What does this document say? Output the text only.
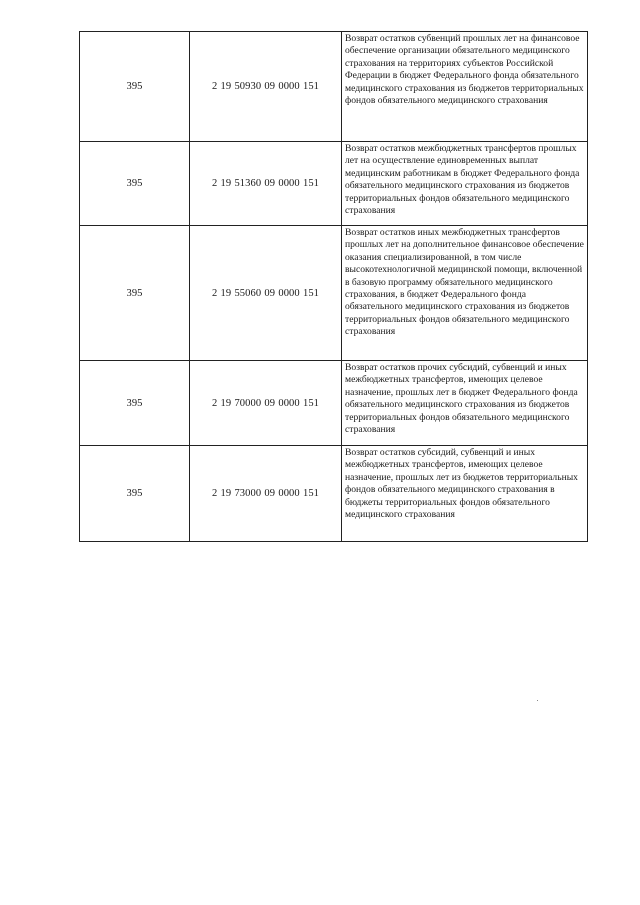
395	2 19 50930 09 0000 151	Возврат остатков субвенций прошлых лет на финансовое обеспечение организации обязательного медицинского страхования на территориях субъектов Российской Федерации в бюджет Федерального фонда обязательного медицинского страхования из бюджетов территориальных фондов обязательного медицинского страхования
395	2 19 51360 09 0000 151	Возврат остатков межбюджетных трансфертов прошлых лет на осуществление единовременных выплат медицинским работникам в бюджет Федерального фонда обязательного медицинского страхования из бюджетов территориальных фондов обязательного медицинского страхования
395	2 19 55060 09 0000 151	Возврат остатков иных межбюджетных трансфертов прошлых лет на дополнительное финансовое обеспечение оказания специализированной, в том числе высокотехнологичной медицинской помощи, включенной в базовую программу обязательного медицинского страхования, в бюджет Федерального фонда обязательного медицинского страхования из бюджетов территориальных фондов обязательного медицинского страхования
395	2 19 70000 09 0000 151	Возврат остатков прочих субсидий, субвенций и иных межбюджетных трансфертов, имеющих целевое назначение, прошлых лет в бюджет Федерального фонда обязательного медицинского страхования из бюджетов территориальных фондов обязательного медицинского страхования
395	2 19 73000 09 0000 151	Возврат остатков субсидий, субвенций и иных межбюджетных трансфертов, имеющих целевое назначение, прошлых лет из бюджетов территориальных фондов обязательного медицинского страхования в бюджеты территориальных фондов обязательного медицинского страхования
